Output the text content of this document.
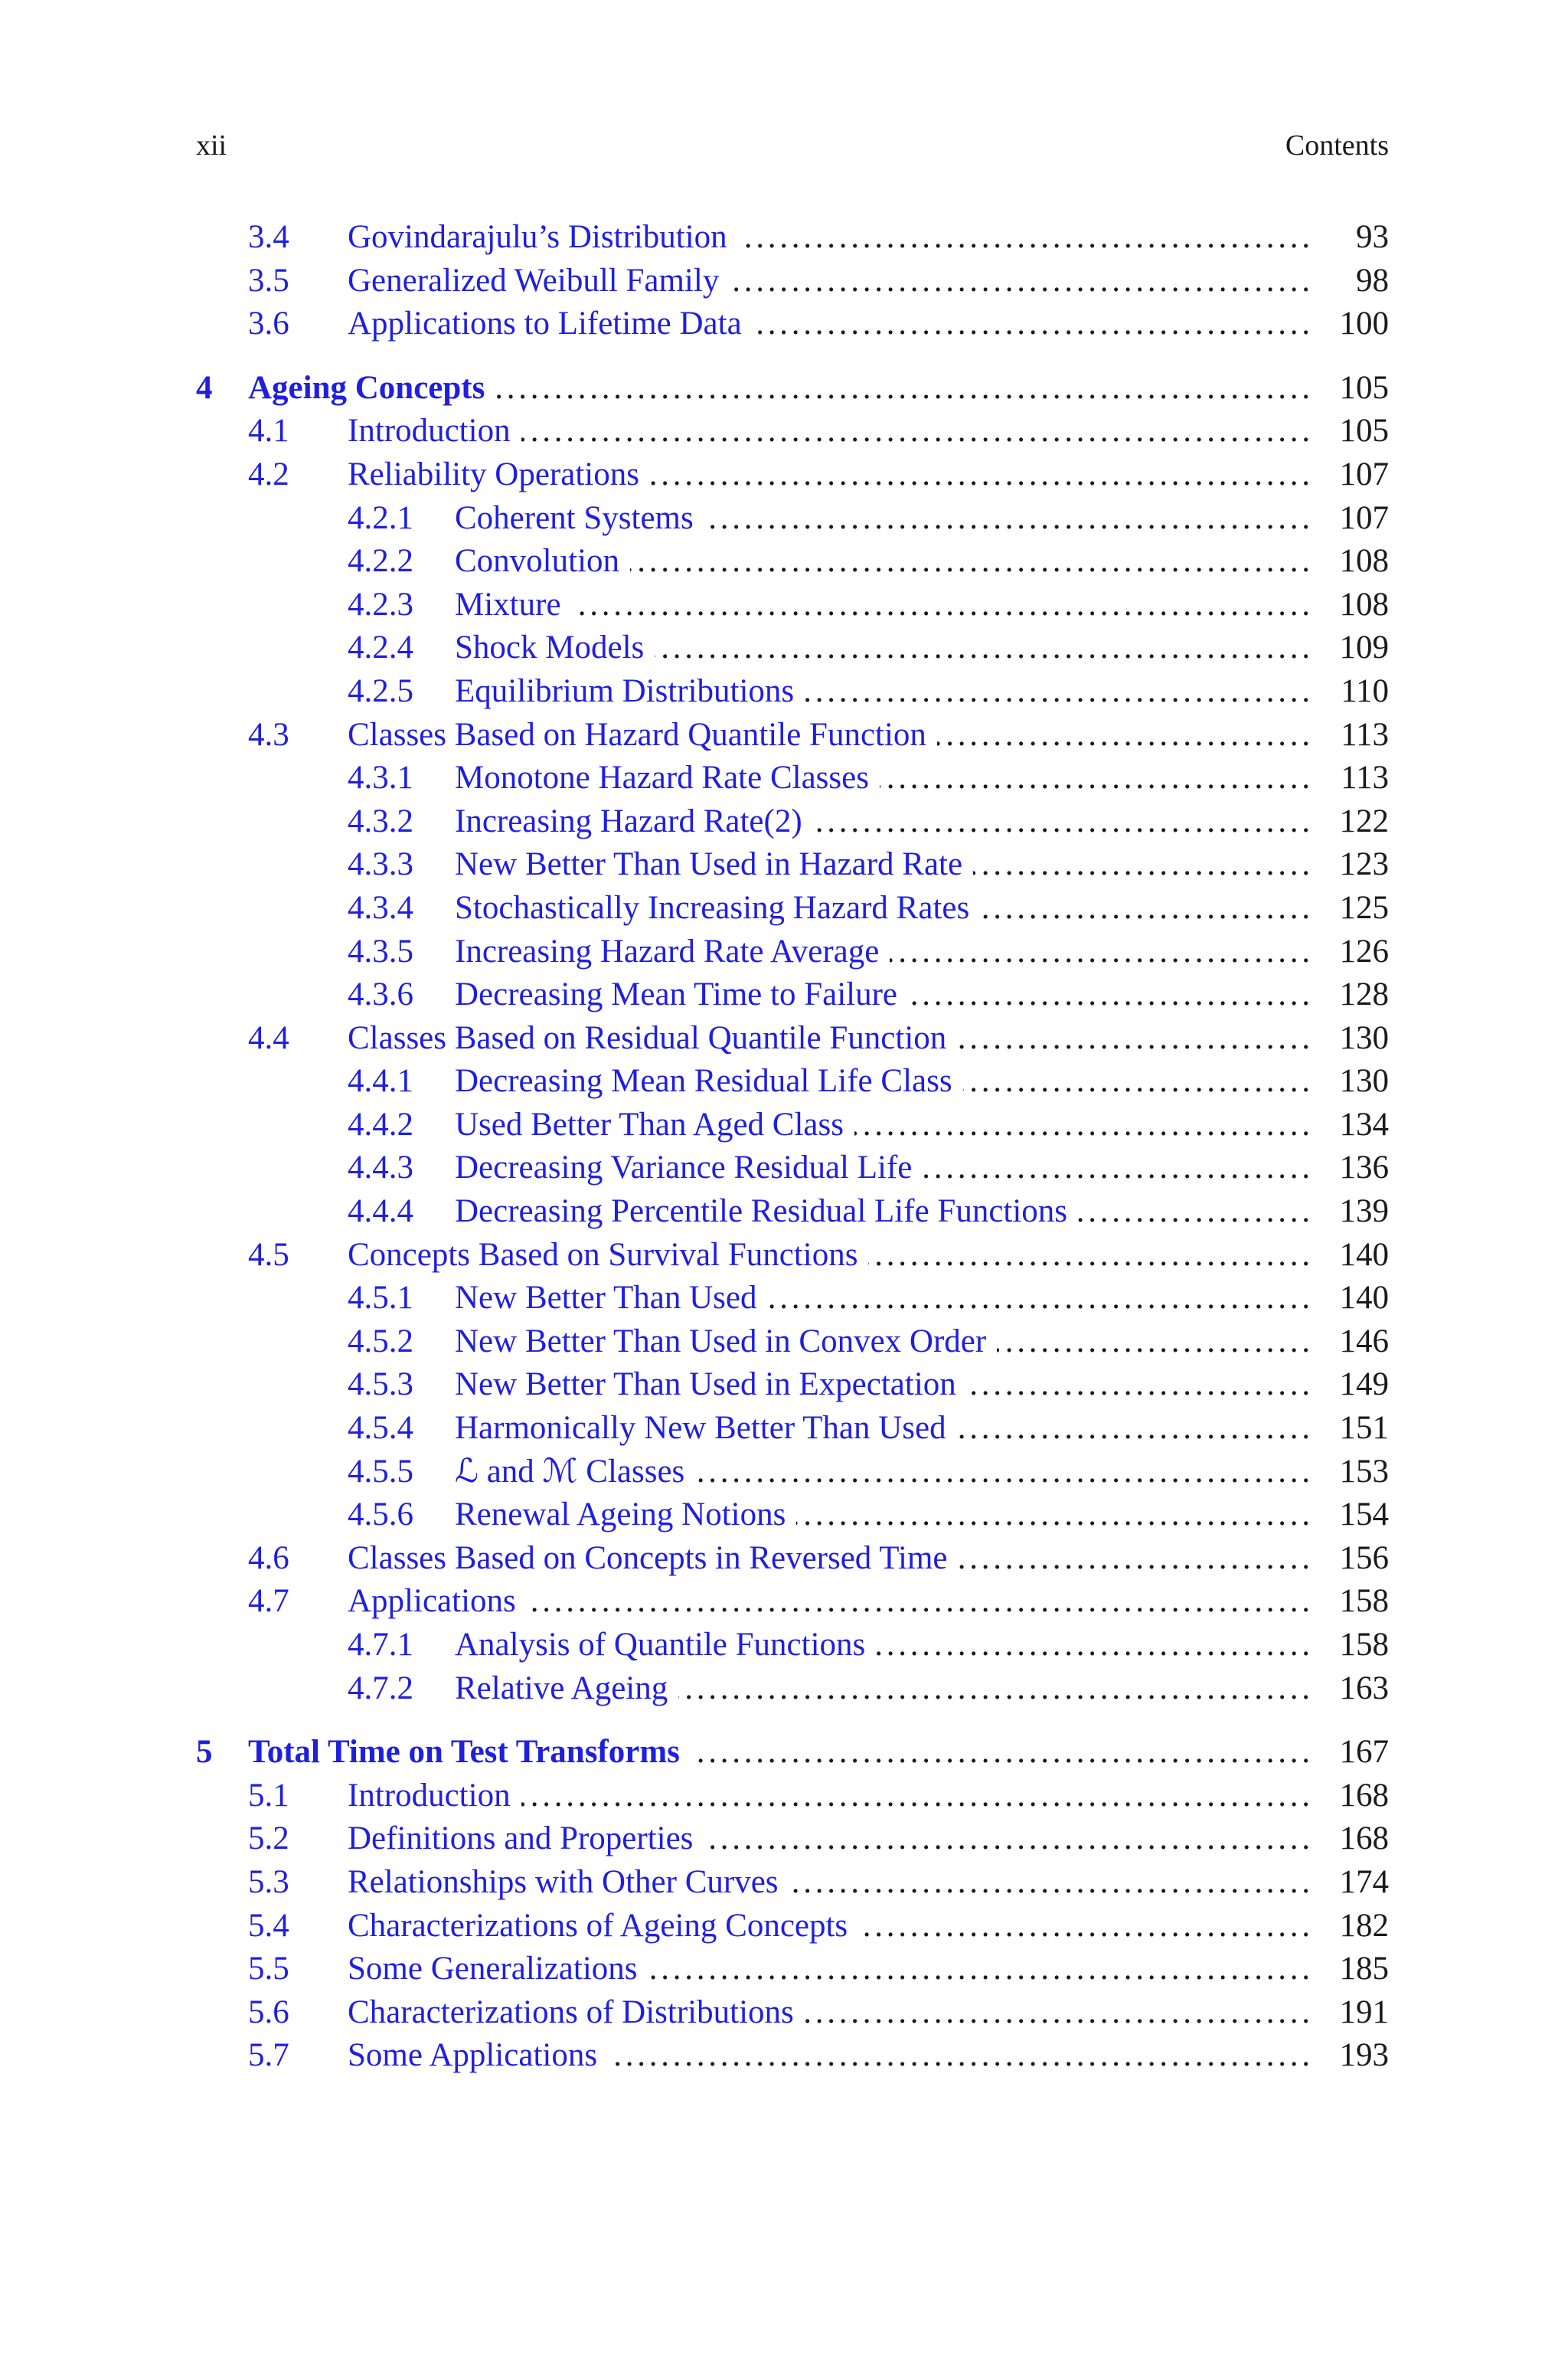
xii	Contents
3.4 Govindarajulu’s Distribution . . .	93
3.5 Generalized Weibull Family . . .	98
3.6 Applications to Lifetime Data . . .	100
4 Ageing Concepts . . .	105
4.1 Introduction . . .	105
4.2 Reliability Operations . . .	107
4.2.1 Coherent Systems . . .	107
4.2.2 Convolution . . .	108
4.2.3 Mixture . . .	108
4.2.4 Shock Models . . .	109
4.2.5 Equilibrium Distributions . . .	110
4.3 Classes Based on Hazard Quantile Function . . .	113
4.3.1 Monotone Hazard Rate Classes . . .	113
4.3.2 Increasing Hazard Rate(2) . . .	122
4.3.3 New Better Than Used in Hazard Rate . . .	123
4.3.4 Stochastically Increasing Hazard Rates . . .	125
4.3.5 Increasing Hazard Rate Average . . .	126
4.3.6 Decreasing Mean Time to Failure . . .	128
4.4 Classes Based on Residual Quantile Function . . .	130
4.4.1 Decreasing Mean Residual Life Class . . .	130
4.4.2 Used Better Than Aged Class . . .	134
4.4.3 Decreasing Variance Residual Life . . .	136
4.4.4 Decreasing Percentile Residual Life Functions . . .	139
4.5 Concepts Based on Survival Functions . . .	140
4.5.1 New Better Than Used . . .	140
4.5.2 New Better Than Used in Convex Order . . .	146
4.5.3 New Better Than Used in Expectation . . .	149
4.5.4 Harmonically New Better Than Used . . .	151
4.5.5 ℒ and ℳ Classes . . .	153
4.5.6 Renewal Ageing Notions . . .	154
4.6 Classes Based on Concepts in Reversed Time . . .	156
4.7 Applications . . .	158
4.7.1 Analysis of Quantile Functions . . .	158
4.7.2 Relative Ageing . . .	163
5 Total Time on Test Transforms . . .	167
5.1 Introduction . . .	168
5.2 Definitions and Properties . . .	168
5.3 Relationships with Other Curves . . .	174
5.4 Characterizations of Ageing Concepts . . .	182
5.5 Some Generalizations . . .	185
5.6 Characterizations of Distributions . . .	191
5.7 Some Applications . . .	193
